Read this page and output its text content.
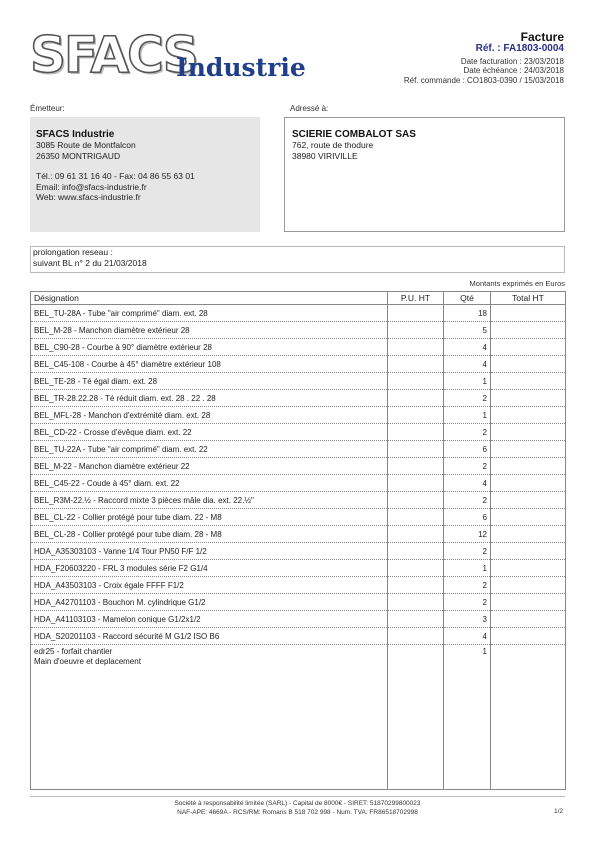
SFACS
Industrie
Facture
Réf. : FA1803-0004
Date facturation : 23/03/2018
Date échéance : 24/03/2018
Réf. commande : CO1803-0390 / 15/03/2018
Émetteur:
SFACS Industrie
3085 Route de Montfalcon
26350 MONTRIGAUD
Tél.: 09 61 31 16 40 - Fax: 04 86 55 63 01
Email: info@sfacs-industrie.fr
Web: www.sfacs-industrie.fr
Adressé à:
SCIERIE COMBALOT SAS
762, route de thodure
38980 VIRIVILLE
prolongation reseau :
suivant BL n° 2 du 21/03/2018
Montants exprimés en Euros
Désignation	P.U. HT	Qté	Total HT
BEL_TU-28A - Tube "air comprimé" diam. ext. 28		18	
BEL_M-28 - Manchon diamètre extérieur 28		5	
BEL_C90-28 - Courbe à 90° diamètre extérieur 28		4	
BEL_C45-108 - Courbe à 45° diamètre extérieur 108		4	
BEL_TE-28 - Té égal diam. ext. 28		1	
BEL_TR-28.22.28 - Té réduit diam. ext. 28 . 22 . 28		2	
BEL_MFL-28 - Manchon d'extrémité diam. ext. 28		1	
BEL_CD-22 - Crosse d'évêque diam. ext. 22		2	
BEL_TU-22A - Tube "air comprimé" diam. ext. 22		6	
BEL_M-22 - Manchon diamètre extérieur 22		2	
BEL_C45-22 - Coude à 45° diam. ext. 22		4	
BEL_R3M-22.½ - Raccord mixte 3 pièces mâle dia. ext. 22.½"		2	
BEL_CL-22 - Collier protégé pour tube diam. 22 - M8		6	
BEL_CL-28 - Collier protégé pour tube diam. 28 - M8		12	
HDA_A35303103 - Vanne 1/4 Tour PN50 F/F 1/2		2	
HDA_F20603220 - FRL 3 modules série F2 G1/4		1	
HDA_A43503103 - Croix égale FFFF F1/2		2	
HDA_A42701103 - Bouchon M. cylindrique G1/2		2	
HDA_A41103103 - Mamelon conique G1/2x1/2		3	
HDA_S20201103 - Raccord sécurité M G1/2 ISO B6		4	

edr25 - forfait chantier
Main d'oeuvre et deplacement		1	
Société à responsabilité limitée (SARL) - Capital de 8000€ - SIRET: 51870299800023
NAF-APE: 4669A - RCS/RM: Romans B 518 702 998 - Num. TVA: FR86518702998	1/2
